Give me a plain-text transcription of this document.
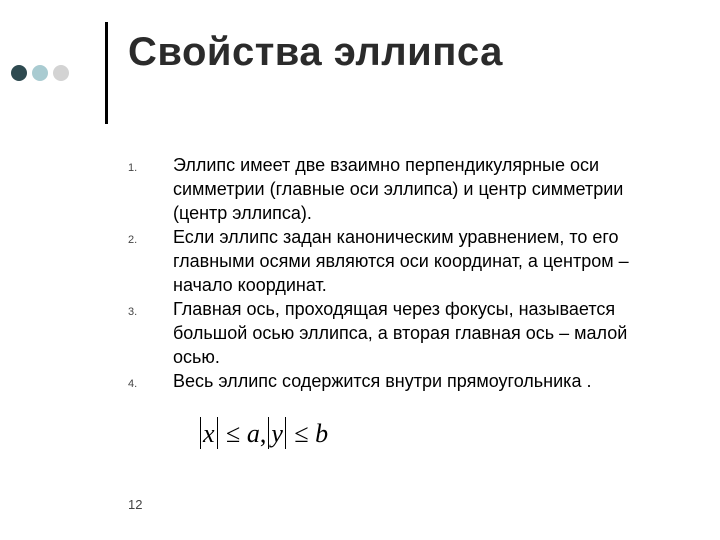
Свойства эллипса
1. Эллипс имеет две взаимно перпендикулярные оси симметрии (главные оси эллипса) и центр симметрии (центр эллипса).
2. Если эллипс задан каноническим уравнением, то его главными осями являются оси координат, а центром – начало координат.
3. Главная ось, проходящая через фокусы, называется большой осью эллипса, а вторая главная ось – малой осью.
4. Весь эллипс содержится внутри прямоугольника .
x ≤ a, y ≤ b
12
